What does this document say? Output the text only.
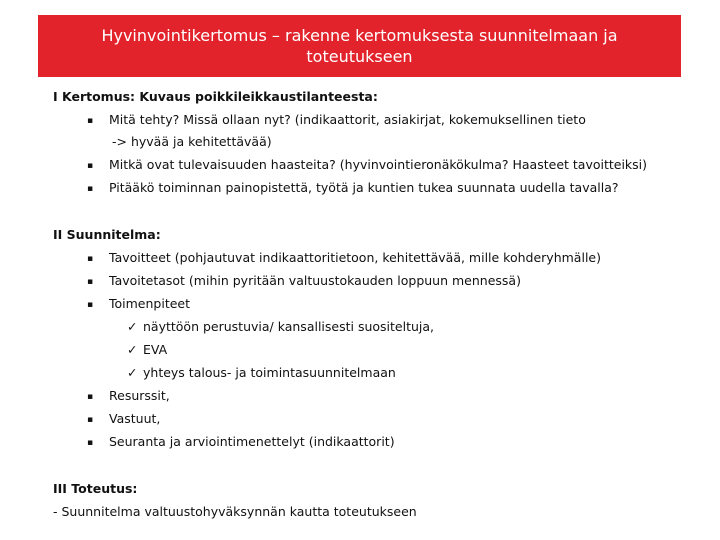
Hyvinvointikertomus – rakenne kertomuksesta suunnitelmaan ja
toteutukseen
I Kertomus: Kuvaus poikkileikkaustilanteesta:
▪ Mitä tehty? Missä ollaan nyt? (indikaattorit, asiakirjat, kokemuksellinen tieto
-> hyvää ja kehitettävää)
▪ Mitkä ovat tulevaisuuden haasteita? (hyvinvointieronäkökulma? Haasteet tavoitteiksi)
▪ Pitääkö toiminnan painopistettä, työtä ja kuntien tukea suunnata uudella tavalla?
II Suunnitelma:
▪ Tavoitteet (pohjautuvat indikaattoritietoon, kehitettävää, mille kohderyhmälle)
▪ Tavoitetasot (mihin pyritään valtuustokauden loppuun mennessä)
▪ Toimenpiteet
✓ näyttöön perustuvia/ kansallisesti suositeltuja,
✓ EVA
✓ yhteys talous- ja toimintasuunnitelmaan
▪ Resurssit,
▪ Vastuut,
▪ Seuranta ja arviointimenettelyt (indikaattorit)
III Toteutus:
- Suunnitelma valtuustohyväksynnän kautta toteutukseen
